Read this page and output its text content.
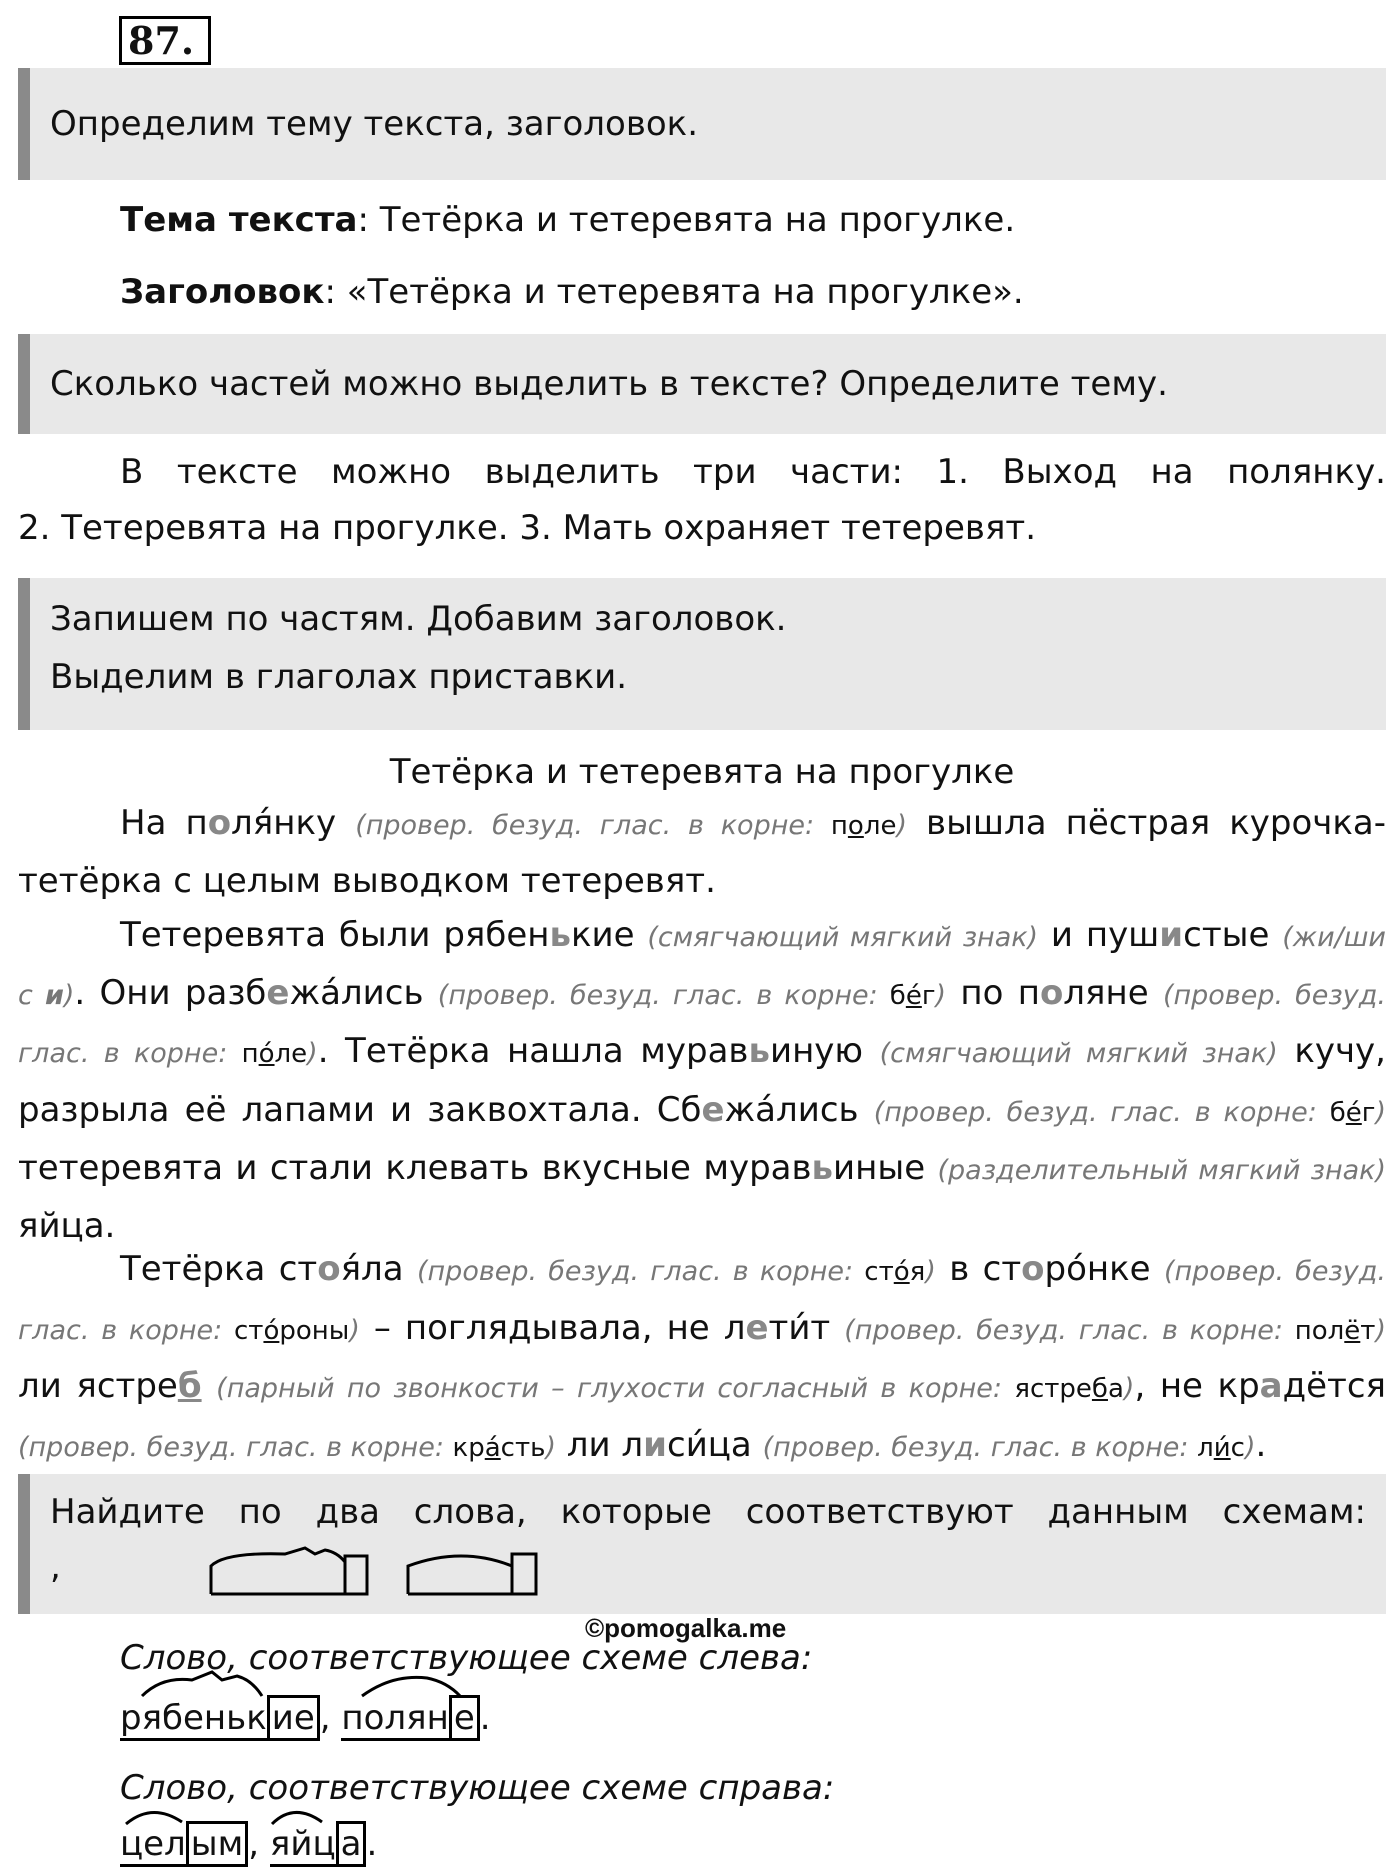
87.
Определим тему текста, заголовок.
Тема текста: Тетёрка и тетеревята на прогулке.
Заголовок: «Тетёрка и тетеревята на прогулке».
Сколько частей можно выделить в тексте? Определите тему.
В тексте можно выделить три части: 1. Выход на полянку.
2. Тетеревята на прогулке. 3. Мать охраняет тетеревят.
Запишем по частям. Добавим заголовок.
Выделим в глаголах приставки.
Тетёрка и тетеревята на прогулке
На поля́нку (провер. безуд. глас. в корне: поле) вышла пёстрая курочка-
тетёрка с целым выводком тетеревят.
Тетеревята были рябенькие (смягчающий мягкий знак) и пушистые (жи/ши с и). Они разбежа́лись (провер. безуд. глас. в корне: бе́г) по поляне (провер. безуд. глас. в корне: по́ле). Тетёрка нашла муравьиную (смягчающий мягкий знак) кучу, разрыла её лапами и заквохтала. Сбежа́лись (провер. безуд. глас. в корне: бе́г) тетеревята и стали клевать вкусные муравьиные (разделительный мягкий знак) яйца.
Тетёрка стоя́ла (провер. безуд. глас. в корне: сто́я) в сторо́нке (провер. безуд. глас. в корне: сто́роны) – поглядывала, не лети́т (провер. безуд. глас. в корне: полёт) ли ястреб (парный по звонкости – глухости согласный в корне: ястреба), не крадётся (провер. безуд. глас. в корне: кра́сть) ли лиси́ца (провер. безуд. глас. в корне: ли́с).
Найдите по два слова, которые соответствуют данным схемам:
,
©pomogalka.me
Слово, соответствующее схеме слева:
рябеньк ие , полян е .
Слово, соответствующее схеме справа:
цел ым , яйц а .
